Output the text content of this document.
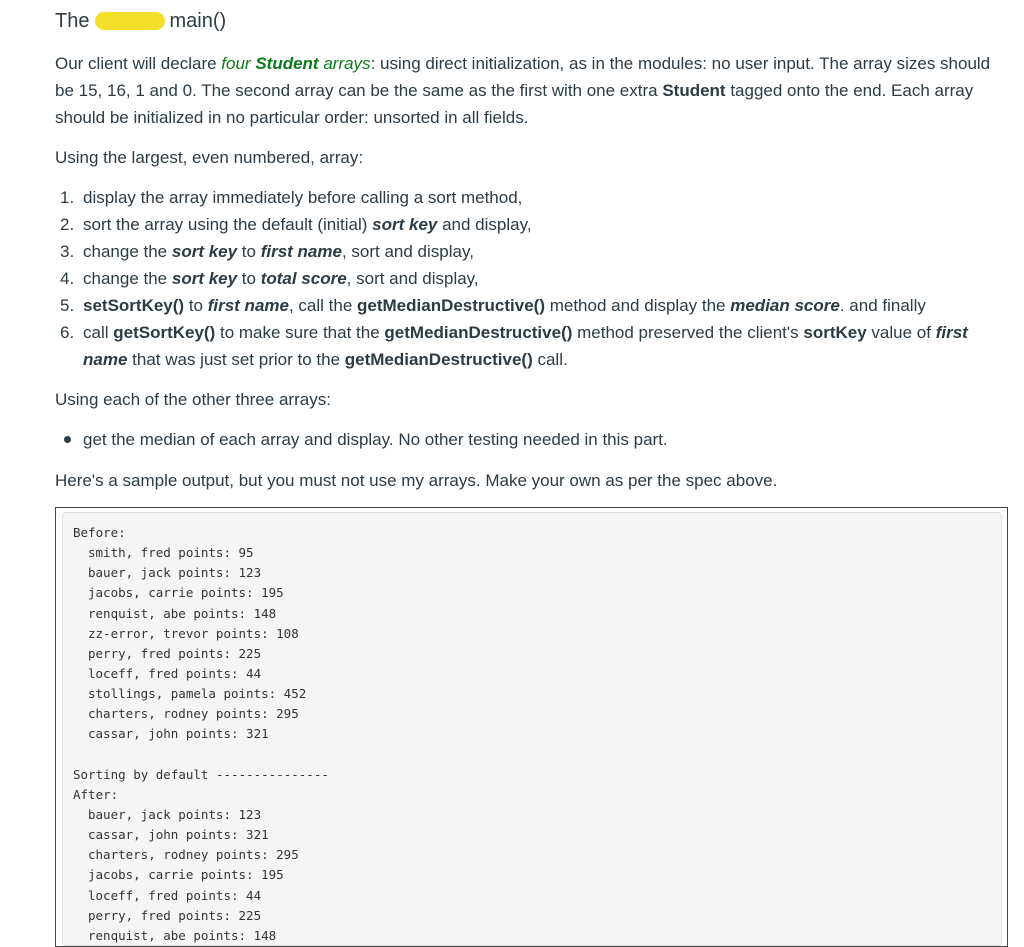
The	main()
Our client will declare four Student arrays: using direct initialization, as in the modules: no user input. The array sizes should be 15, 16, 1 and 0. The second array can be the same as the first with one extra Student tagged onto the end. Each array should be initialized in no particular order: unsorted in all fields.
Using the largest, even numbered, array:
1. display the array immediately before calling a sort method,
2. sort the array using the default (initial) sort key and display,
3. change the sort key to first name, sort and display,
4. change the sort key to total score, sort and display,
5. setSortKey() to first name, call the getMedianDestructive() method and display the median score. and finally
6. call getSortKey() to make sure that the getMedianDestructive() method preserved the client's sortKey value of first name that was just set prior to the getMedianDestructive() call.
Using each of the other three arrays:
get the median of each array and display. No other testing needed in this part.
Here's a sample output, but you must not use my arrays. Make your own as per the spec above.
Before:
smith, fred points: 95
bauer, jack points: 123
jacobs, carrie points: 195
renquist, abe points: 148
zz-error, trevor points: 108
perry, fred points: 225
loceff, fred points: 44
stollings, pamela points: 452
charters, rodney points: 295
cassar, john points: 321
Sorting by default ---------------
After:
bauer, jack points: 123
cassar, john points: 321
charters, rodney points: 295
jacobs, carrie points: 195
loceff, fred points: 44
perry, fred points: 225
renquist, abe points: 148
